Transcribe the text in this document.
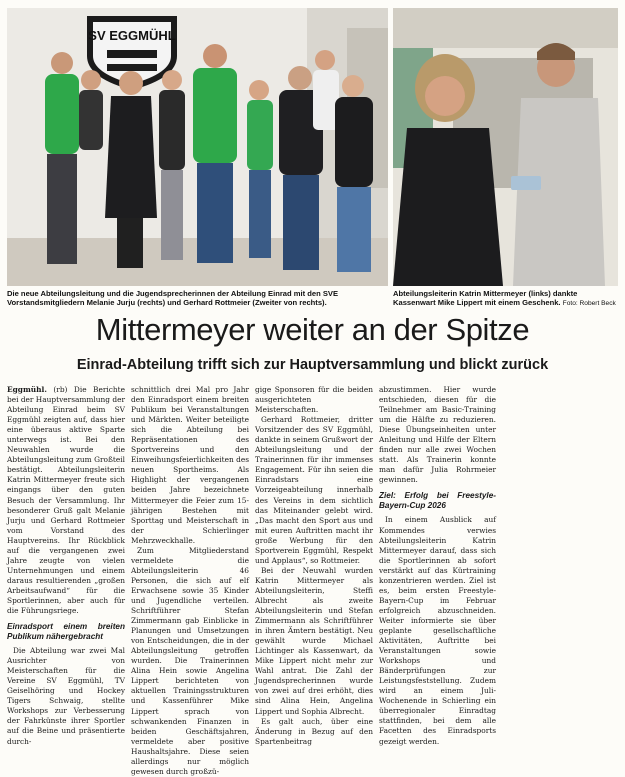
SV EGGMÜHL
Die neue Abteilungsleitung und die Jugendsprecherinnen der Abteilung Einrad mit den SVE Vorstandsmitgliedern Melanie Jurju (rechts) und Gerhard Rottmeier (Zweiter von rechts).
Abteilungsleiterin Katrin Mittermeyer (links) dankte Kassenwart Mike Lippert mit einem Geschenk. Foto: Robert Beck
Mittermeyer weiter an der Spitze
Einrad-Abteilung trifft sich zur Hauptversammlung und blickt zurück

Eggmühl. (rb) Die Berichte bei der Hauptversammlung der Abteilung Einrad beim SV Eggmühl zeigten auf, dass hier eine überaus aktive Sparte unterwegs ist. Bei den Neuwahlen wurde die Abteilungsleitung zum Großteil bestätigt. Abteilungsleiterin Katrin Mittermeyer freute sich eingangs über den guten Besuch der Versammlung. Ihr besonderer Gruß galt Melanie Jurju und Gerhard Rottmeier vom Vorstand des Hauptvereins. Ihr Rückblick auf die vergangenen zwei Jahre zeugte von vielen Unternehmungen und einem daraus resultierenden „großen Arbeitsaufwand“ für die Sportlerinnen, aber auch für die Führungsriege.

Einradsport einem breiten Publikum nähergebracht

Die Abteilung war zwei Mal Ausrichter von Meisterschaften für die Vereine SV Eggmühl, TV Geiselhöring und Hockey Tigers Schwaig, stellte Workshops zur Verbesserung der Fahrkünste ihrer Sportler auf die Beine und präsentierte durch-

schnittlich drei Mal pro Jahr den Einradsport einem breiten Publikum bei Veranstaltungen und Märkten. Weiter beteiligte sich die Abteilung bei Repräsentationen des Sportvereins und den Einweihungsfeierlichkeiten des neuen Sportheims. Als Highlight der vergangenen beiden Jahre bezeichnete Mittermeyer die Feier zum 15-jährigen Bestehen mit Sporttag und Meisterschaft in der Schierlinger Mehrzweckhalle.

Zum Mitgliederstand vermeldete die Abteilungsleiterin 46 Personen, die sich auf elf Erwachsene sowie 35 Kinder und Jugendliche verteilen. Schriftführer Stefan Zimmermann gab Einblicke in Planungen und Umsetzungen von Entscheidungen, die in der Abteilungsleitung getroffen wurden. Die Trainerinnen Alina Hein sowie Angelina Lippert berichteten von aktuellen Trainingsstrukturen und Kassenführer Mike Lippert sprach von schwankenden Finanzen in beiden Geschäftsjahren, vermeldete aber positive Haushaltsjahre. Diese seien allerdings nur möglich gewesen durch großzü-

gige Sponsoren für die beiden ausgerichteten Meisterschaften.

Gerhard Rottmeier, dritter Vorsitzender des SV Eggmühl, dankte in seinem Grußwort der Abteilungsleitung und der Trainerinnen für ihr immenses Engagement. Für ihn seien die Einradstars eine Vorzeigeabteilung innerhalb des Vereins in dem sichtlich das Miteinander gelebt wird. „Das macht den Sport aus und mit euren Auftritten macht ihr große Werbung für den Sportverein Eggmühl, Respekt und Applaus“, so Rottmeier.

Bei der Neuwahl wurden Katrin Mittermeyer als Abteilungsleiterin, Steffi Albrecht als zweite Abteilungsleiterin und Stefan Zimmermann als Schriftführer in ihren Ämtern bestätigt. Neu gewählt wurde Michael Lichtinger als Kassenwart, da Mike Lippert nicht mehr zur Wahl antrat. Die Zahl der Jugendsprecherinnen wurde von zwei auf drei erhöht, dies sind Alina Hein, Angelina Lippert und Sophia Albrecht.

Es galt auch, über eine Änderung in Bezug auf den Spartenbeitrag

abzustimmen. Hier wurde entschieden, diesen für die Teilnehmer am Basic-Training um die Hälfte zu reduzieren. Diese Übungseinheiten unter Anleitung und Hilfe der Eltern finden nur alle zwei Wochen statt. Als Trainerin konnte man dafür Julia Rohrmeier gewinnen.

Ziel: Erfolg bei Freestyle-Bayern-Cup 2026

In einem Ausblick auf Kommendes verwies Abteilungsleiterin Katrin Mittermeyer darauf, dass sich die Sportlerinnen ab sofort verstärkt auf das Kürtraining konzentrieren werden. Ziel ist es, beim ersten Freestyle-Bayern-Cup im Februar erfolgreich abzuschneiden. Weiter informierte sie über geplante gesellschaftliche Aktivitäten, Auftritte bei Veranstaltungen sowie Workshops und Bänderprüfungen zur Leistungsfeststellung. Zudem wird an einem Juli-Wochenende in Schierling ein überregionaler Einradtag stattfinden, bei dem alle Facetten des Einradsports gezeigt werden.
